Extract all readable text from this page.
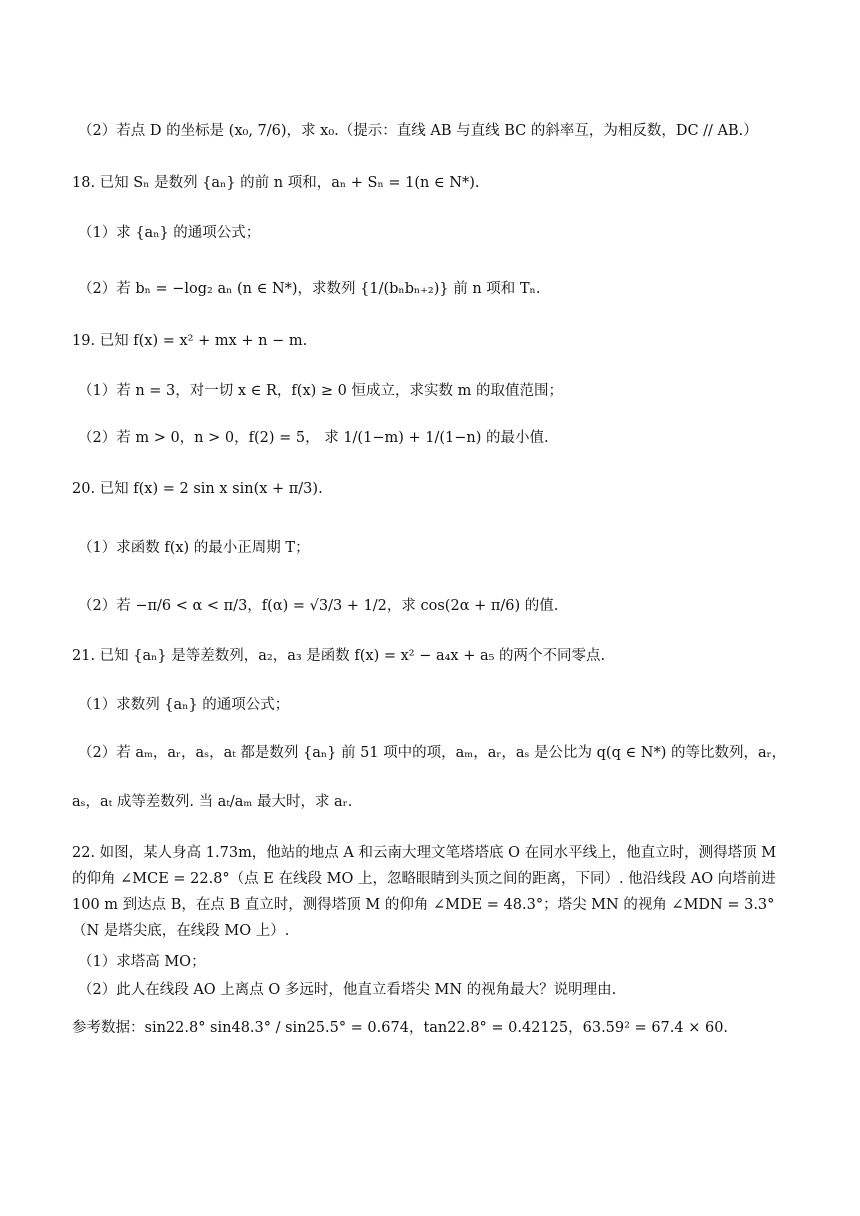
（2）若点 D 的坐标是 (x₀, 7/6)，求 x₀.（提示：直线 AB 与直线 BC 的斜率互，为相反数，DC // AB.）
18. 已知 Sₙ 是数列 {aₙ} 的前 n 项和，aₙ + Sₙ = 1(n ∈ N*).
（1）求 {aₙ} 的通项公式；
（2）若 bₙ = −log₂ aₙ (n ∈ N*)，求数列 {1/(bₙbₙ₊₂)} 前 n 项和 Tₙ.
19. 已知 f(x) = x² + mx + n − m.
（1）若 n = 3，对一切 x ∈ R，f(x) ≥ 0 恒成立，求实数 m 的取值范围；
（2）若 m > 0，n > 0，f(2) = 5， 求 1/(1−m) + 1/(1−n) 的最小值.
20. 已知 f(x) = 2 sin x sin(x + π/3).
（1）求函数 f(x) 的最小正周期 T；
（2）若 −π/6 < α < π/3，f(α) = √3/3 + 1/2，求 cos(2α + π/6) 的值.
21. 已知 {aₙ} 是等差数列，a₂，a₃ 是函数 f(x) = x² − a₄x + a₅ 的两个不同零点.
（1）求数列 {aₙ} 的通项公式；
（2）若 aₘ，aᵣ，aₛ，aₜ 都是数列 {aₙ} 前 51 项中的项，aₘ，aᵣ，aₛ 是公比为 q(q ∈ N*) 的等比数列，aᵣ，
aₛ，aₜ 成等差数列. 当 aₜ/aₘ 最大时，求 aᵣ.
22. 如图，某人身高 1.73m，他站的地点 A 和云南大理文笔塔塔底 O 在同水平线上，他直立时，测得塔顶 M 的仰角 ∠MCE = 22.8°（点 E 在线段 MO 上，忽略眼睛到头顶之间的距离，下同）. 他沿线段 AO 向塔前进 100 m 到达点 B，在点 B 直立时，测得塔顶 M 的仰角 ∠MDE = 48.3°；塔尖 MN 的视角 ∠MDN = 3.3°（N 是塔尖底，在线段 MO 上）.
（1）求塔高 MO；
（2）此人在线段 AO 上离点 O 多远时，他直立看塔尖 MN 的视角最大？说明理由.
参考数据：sin22.8° sin48.3° / sin25.5° = 0.674，tan22.8° = 0.42125，63.59² = 67.4 × 60.
